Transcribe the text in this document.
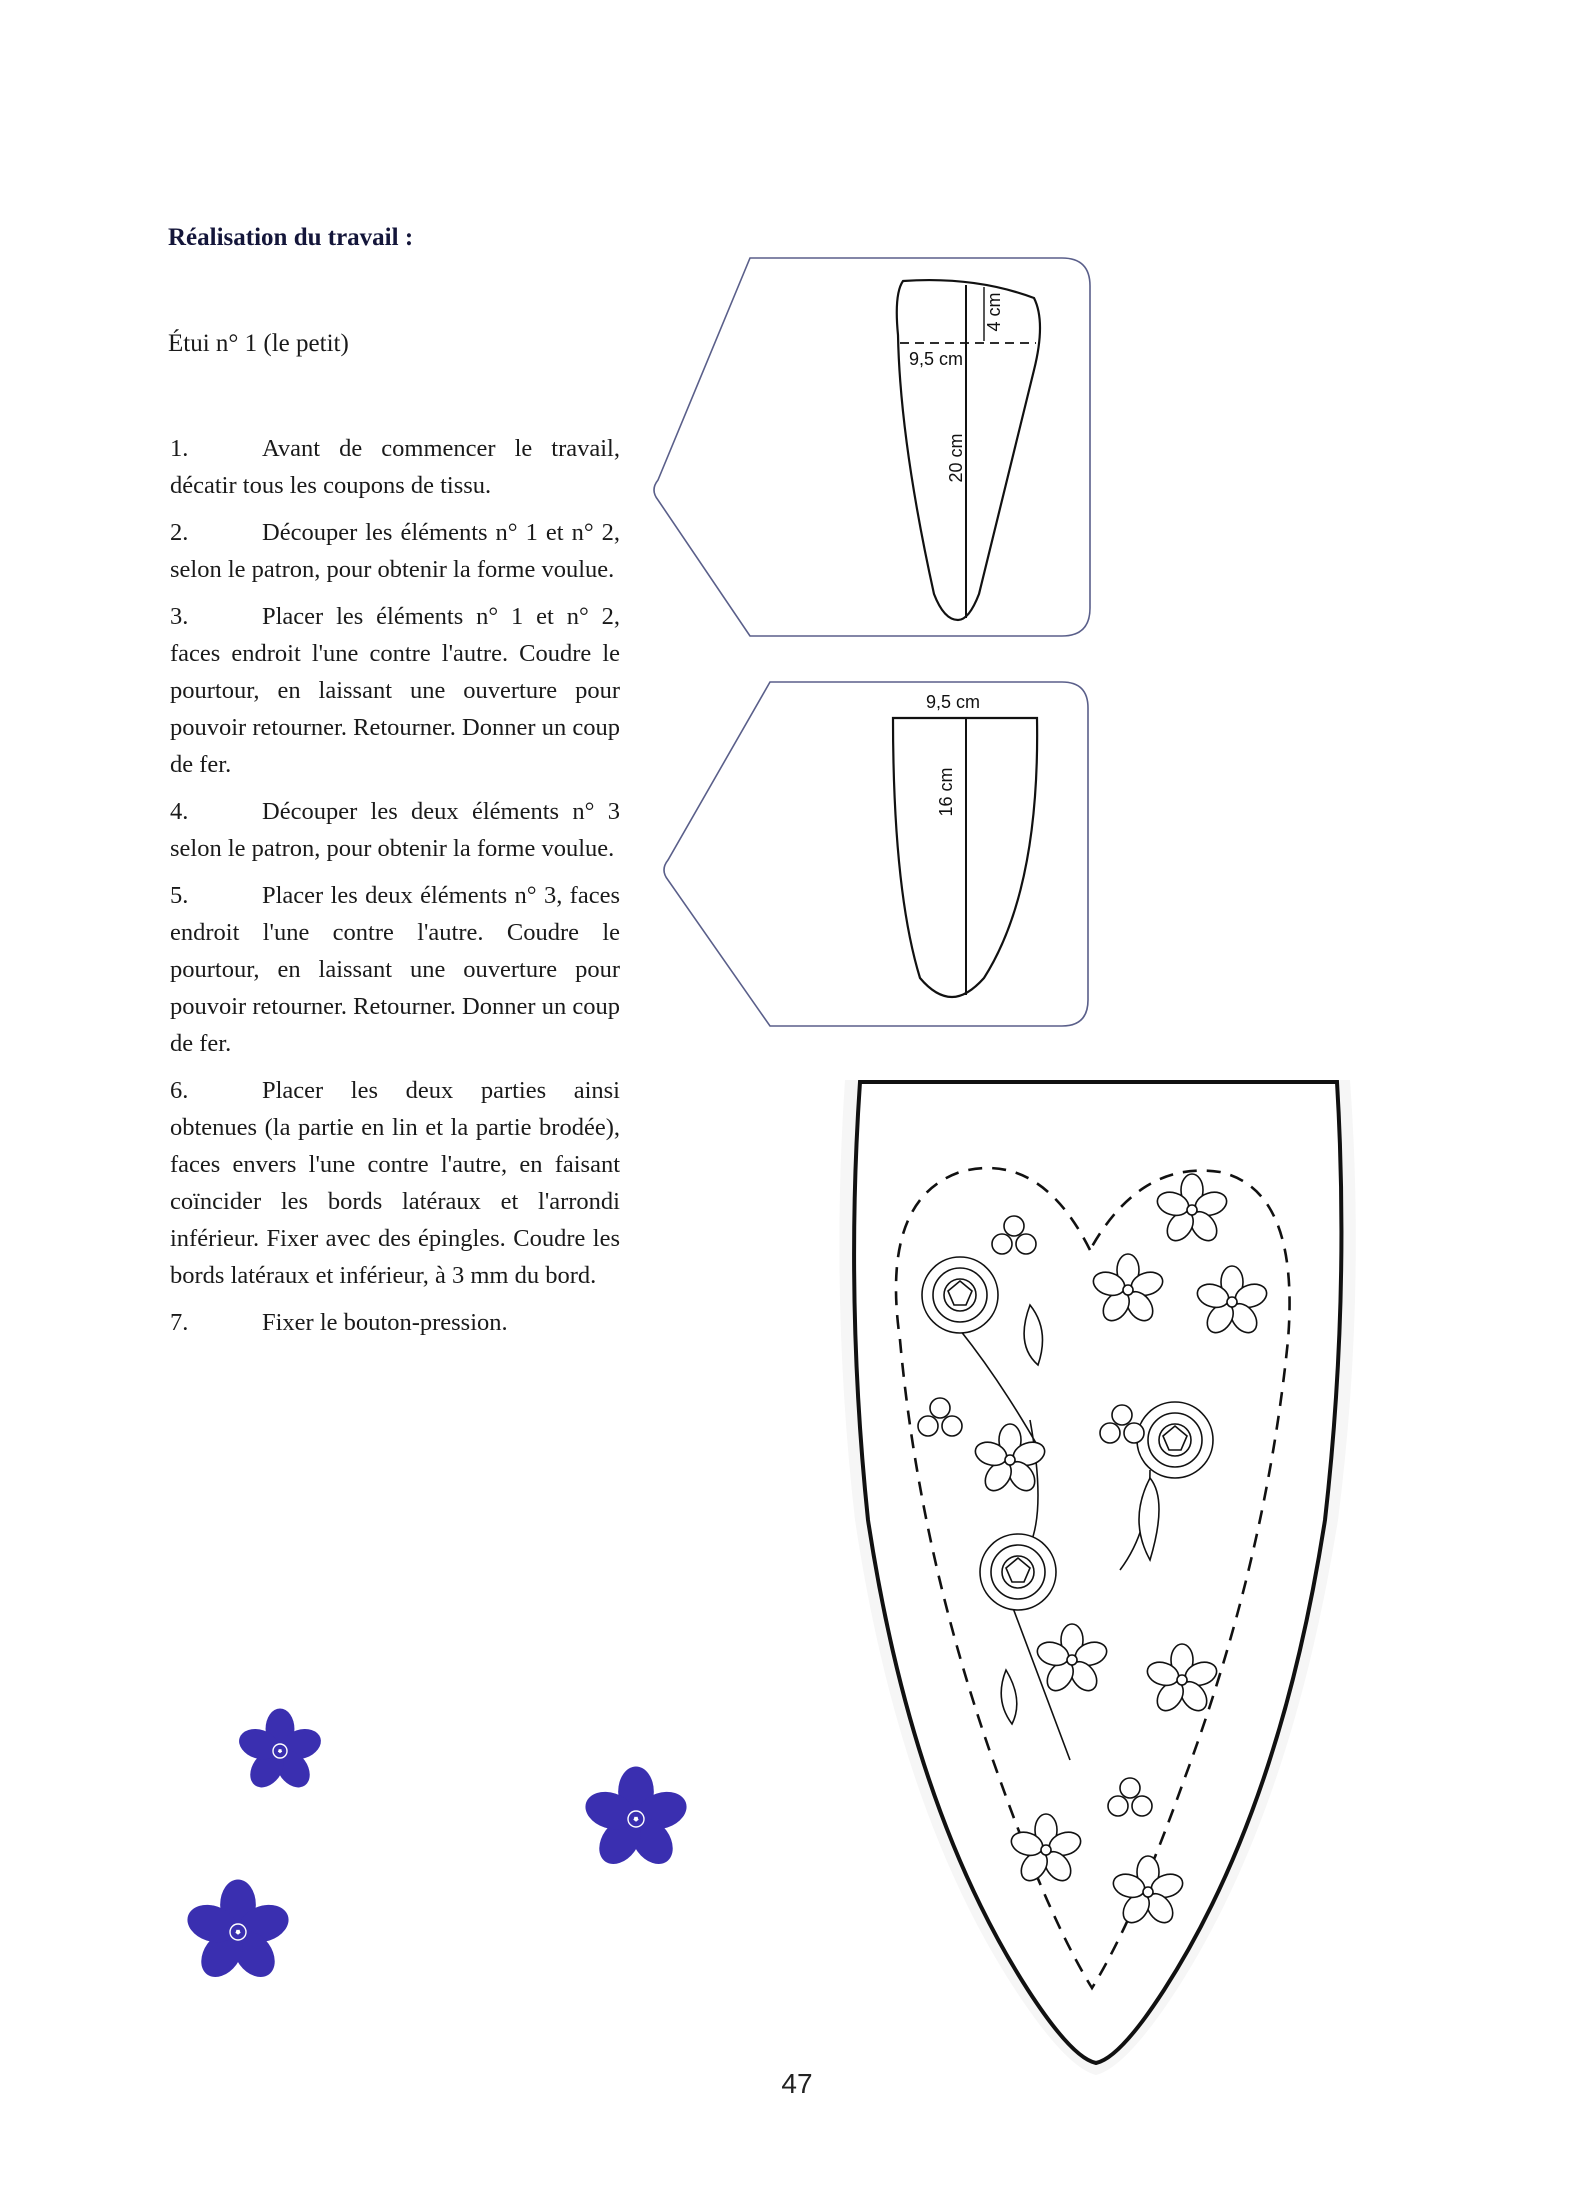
Réalisation du travail :
Étui n° 1 (le petit)

1.	Avant de commencer le travail, décatir tous les coupons de tissu.

2.	Découper les éléments n° 1 et n° 2, selon le patron, pour obtenir la forme voulue.

3.	Placer les éléments n° 1 et n° 2, faces endroit l'une contre l'autre. Coudre le pourtour, en laissant une ouverture pour pouvoir retourner. Retourner. Donner un coup de fer.

4.	Découper les deux éléments n° 3 selon le patron, pour obtenir la forme voulue.

5.	Placer les deux éléments n° 3, faces endroit l'une contre l'autre. Coudre le pourtour, en laissant une ouverture pour pouvoir retourner. Retourner. Donner un coup de fer.

6.	Placer les deux parties ainsi obtenues (la partie en lin et la partie brodée), faces envers l'une contre l'autre, en faisant coïncider les bords latéraux et l'arrondi inférieur. Fixer avec des épingles. Coudre les bords latéraux et inférieur, à 3 mm du bord.

7.	Fixer le bouton-pression.

4 cm
9,5 cm
20 cm
9,5 cm
16 cm
47
